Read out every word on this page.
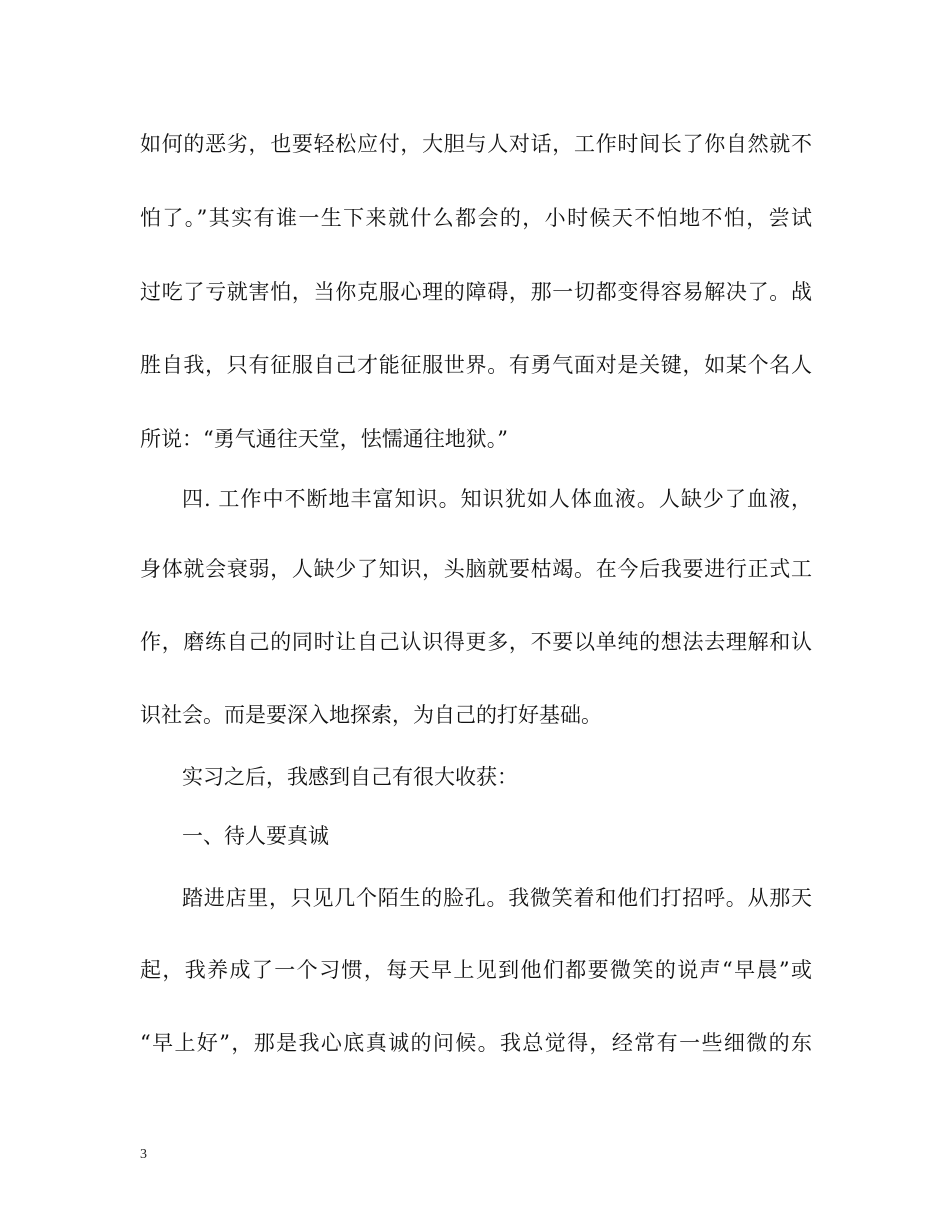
如何的恶劣，也要轻松应付，大胆与人对话，工作时间长了你自然就不
怕了。”其实有谁一生下来就什么都会的，小时候天不怕地不怕，尝试
过吃了亏就害怕，当你克服心理的障碍，那一切都变得容易解决了。战
胜自我，只有征服自己才能征服世界。有勇气面对是关键，如某个名人
所说：“勇气通往天堂，怯懦通往地狱。”
四. 工作中不断地丰富知识。知识犹如人体血液。人缺少了血液，
身体就会衰弱，人缺少了知识，头脑就要枯竭。在今后我要进行正式工
作，磨练自己的同时让自己认识得更多，不要以单纯的想法去理解和认
识社会。而是要深入地探索，为自己的打好基础。
实习之后，我感到自己有很大收获：
一、待人要真诚
踏进店里，只见几个陌生的脸孔。我微笑着和他们打招呼。从那天
起，我养成了一个习惯，每天早上见到他们都要微笑的说声“早晨”或
“早上好”，那是我心底真诚的问候。我总觉得，经常有一些细微的东
3
